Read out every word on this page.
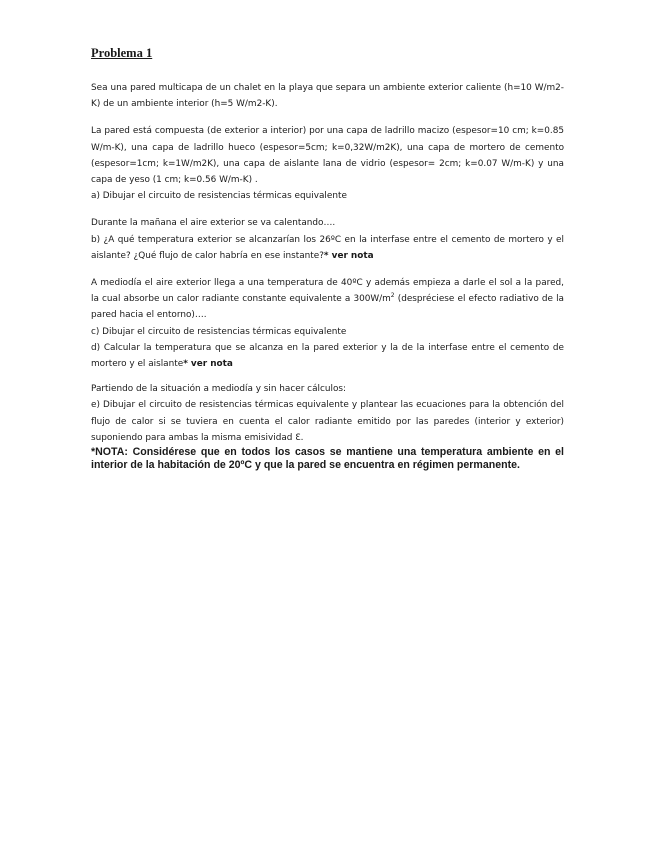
Problema 1

Sea una pared multicapa de un chalet en la playa que separa un ambiente exterior caliente (h=10 W/m2-K) de un ambiente interior (h=5 W/m2-K).

La pared está compuesta (de exterior a interior) por una capa de ladrillo macizo (espesor=10 cm; k=0.85 W/m-K), una capa de ladrillo hueco (espesor=5cm; k=0,32W/m2K), una capa de mortero de cemento (espesor=1cm; k=1W/m2K), una capa de aislante lana de vidrio (espesor= 2cm; k=0.07 W/m-K) y una capa de yeso (1 cm; k=0.56 W/m-K) .

a) Dibujar el circuito de resistencias térmicas equivalente

Durante la mañana el aire exterior se va calentando….

b) ¿A qué temperatura exterior se alcanzarían los 26ºC en la interfase entre el cemento de mortero y el aislante? ¿Qué flujo de calor habría en ese instante?* ver nota

A mediodía el aire exterior llega a una temperatura de 40ºC y además empieza a darle el sol a la pared, la cual absorbe un calor radiante constante equivalente a $300W/m^2$ (despréciese el efecto radiativo de la pared hacia el entorno)….

c) Dibujar el circuito de resistencias térmicas equivalente

d) Calcular la temperatura que se alcanza en la pared exterior y la de la interfase entre el cemento de mortero y el aislante* ver nota

Partiendo de la situación a mediodía y sin hacer cálculos:

e) Dibujar el circuito de resistencias térmicas equivalente y plantear las ecuaciones para la obtención del flujo de calor si se tuviera en cuenta el calor radiante emitido por las paredes (interior y exterior) suponiendo para ambas la misma emisividad Ɛ.

*NOTA: Considérese que en todos los casos se mantiene una temperatura ambiente en el interior de la habitación de 20ºC y que la pared se encuentra en régimen permanente.
